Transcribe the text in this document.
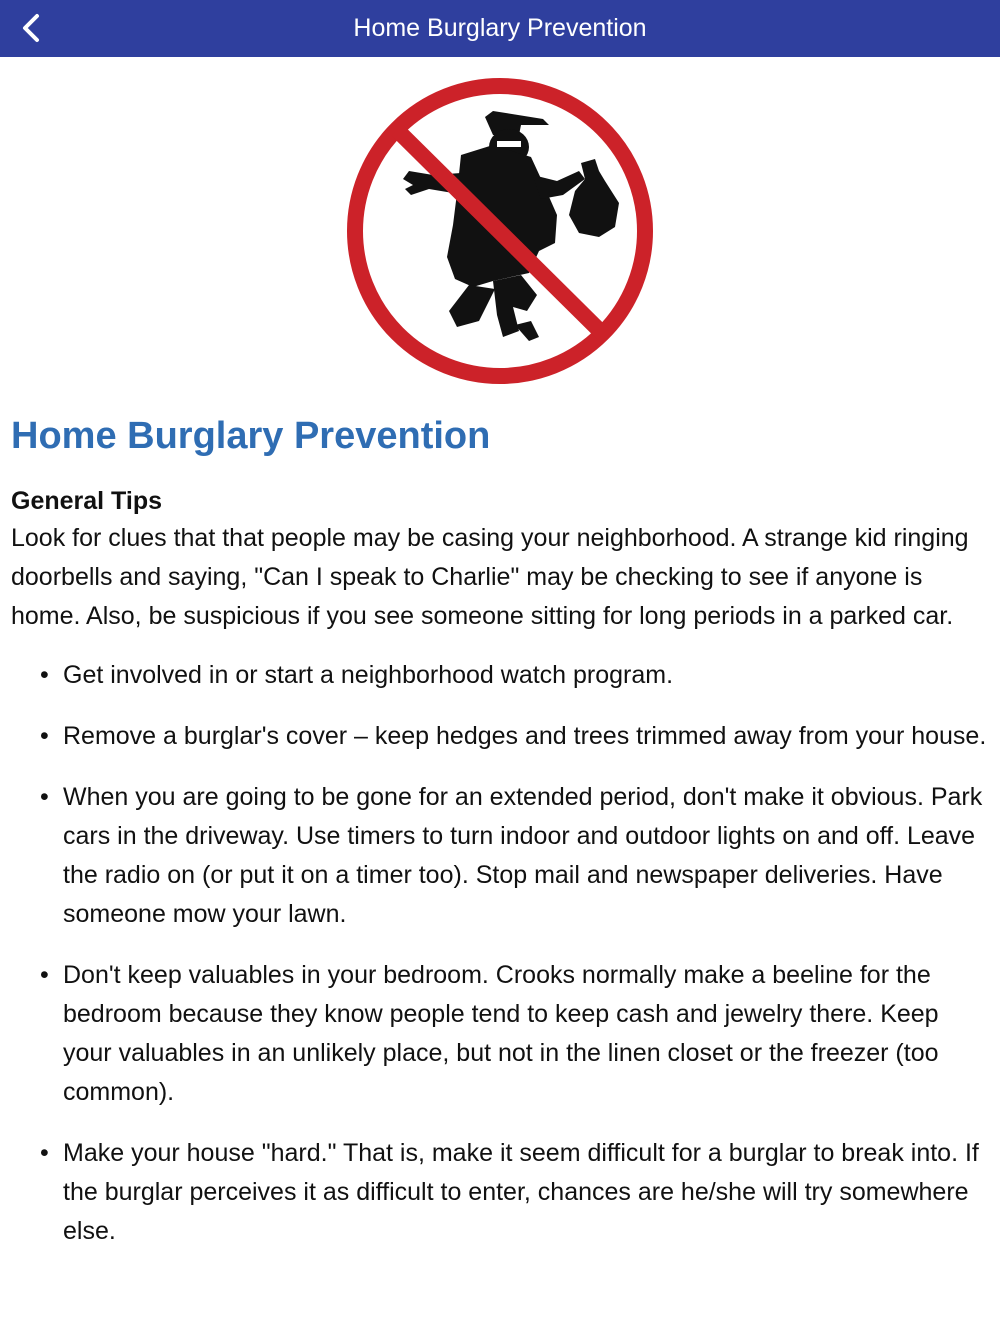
Home Burglary Prevention
Home Burglary Prevention
General Tips

Look for clues that that people may be casing your neighborhood. A strange kid ringing doorbells and saying, "Can I speak to Charlie" may be checking to see if anyone is home. Also, be suspicious if you see someone sitting for long periods in a parked car.

• Get involved in or start a neighborhood watch program.
• Remove a burglar's cover – keep hedges and trees trimmed away from your house.
• When you are going to be gone for an extended period, don't make it obvious. Park cars in the driveway. Use timers to turn indoor and outdoor lights on and off. Leave the radio on (or put it on a timer too). Stop mail and newspaper deliveries. Have someone mow your lawn.
• Don't keep valuables in your bedroom. Crooks normally make a beeline for the bedroom because they know people tend to keep cash and jewelry there. Keep your valuables in an unlikely place, but not in the linen closet or the freezer (too common).
• Make your house "hard." That is, make it seem difficult for a burglar to break into. If the burglar perceives it as difficult to enter, chances are he/she will try somewhere else.
